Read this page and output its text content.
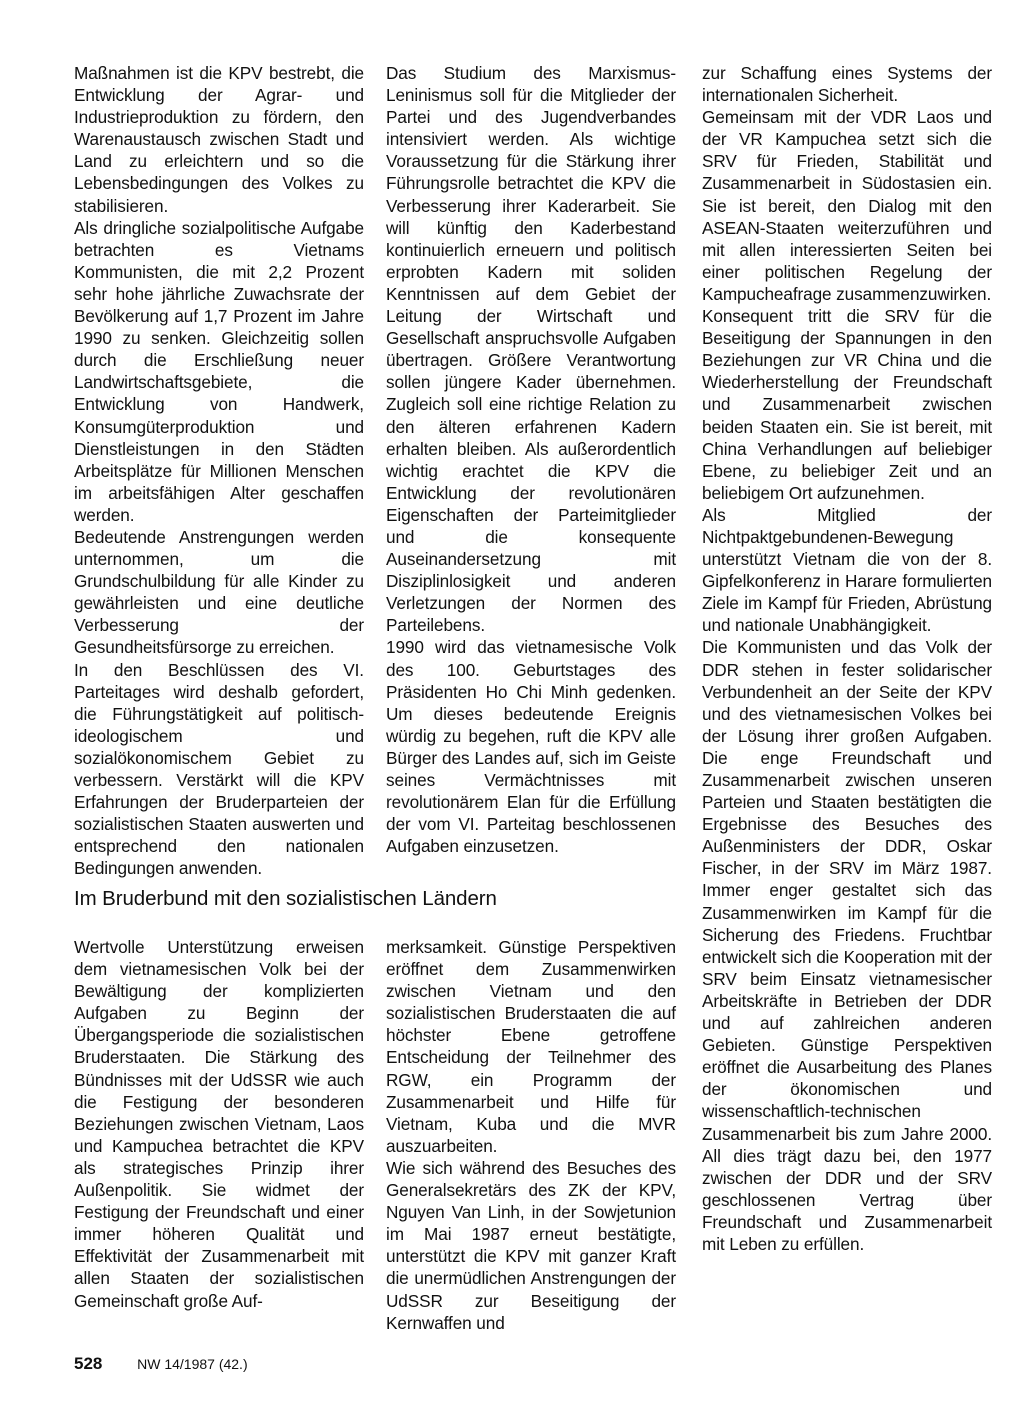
Maßnahmen ist die KPV bestrebt, die Entwicklung der Agrar- und Industrieproduktion zu fördern, den Warenaustausch zwischen Stadt und Land zu erleichtern und so die Lebensbedingungen des Volkes zu stabilisieren.

Als dringliche sozialpolitische Aufgabe betrachten es Vietnams Kommunisten, die mit 2,2 Prozent sehr hohe jährliche Zuwachsrate der Bevölkerung auf 1,7 Prozent im Jahre 1990 zu senken. Gleichzeitig sollen durch die Erschließung neuer Landwirtschaftsgebiete, die Entwicklung von Handwerk, Konsumgüterproduktion und Dienstleistungen in den Städten Arbeitsplätze für Millionen Menschen im arbeitsfähigen Alter geschaffen werden.

Bedeutende Anstrengungen werden unternommen, um die Grundschulbildung für alle Kinder zu gewährleisten und eine deutliche Verbesserung der Gesundheitsfürsorge zu erreichen.

In den Beschlüssen des VI. Parteitages wird deshalb gefordert, die Führungstätigkeit auf politisch-ideologischem und sozialökonomischem Gebiet zu verbessern. Verstärkt will die KPV Erfahrungen der Bruderparteien der sozialistischen Staaten auswerten und entsprechend den nationalen Bedingungen anwenden.

Das Studium des Marxismus-Leninismus soll für die Mitglieder der Partei und des Jugendverbandes intensiviert werden. Als wichtige Voraussetzung für die Stärkung ihrer Führungsrolle betrachtet die KPV die Verbesserung ihrer Kaderarbeit. Sie will künftig den Kaderbestand kontinuierlich erneuern und politisch erprobten Kadern mit soliden Kenntnissen auf dem Gebiet der Leitung der Wirtschaft und Gesellschaft anspruchsvolle Aufgaben übertragen. Größere Verantwortung sollen jüngere Kader übernehmen. Zugleich soll eine richtige Relation zu den älteren erfahrenen Kadern erhalten bleiben. Als außerordentlich wichtig erachtet die KPV die Entwicklung der revolutionären Eigenschaften der Parteimitglieder und die konsequente Auseinandersetzung mit Disziplinlosigkeit und anderen Verletzungen der Normen des Parteilebens.

1990 wird das vietnamesische Volk des 100. Geburtstages des Präsidenten Ho Chi Minh gedenken. Um dieses bedeutende Ereignis würdig zu begehen, ruft die KPV alle Bürger des Landes auf, sich im Geiste seines Vermächtnisses mit revolutionärem Elan für die Erfüllung der vom VI. Parteitag beschlossenen Aufgaben einzusetzen.

zur Schaffung eines Systems der internationalen Sicherheit.

Gemeinsam mit der VDR Laos und der VR Kampuchea setzt sich die SRV für Frieden, Stabilität und Zusammenarbeit in Südostasien ein. Sie ist bereit, den Dialog mit den ASEAN-Staaten weiterzuführen und mit allen interessierten Seiten bei einer politischen Regelung der Kampucheafrage zusammenzuwirken.

Konsequent tritt die SRV für die Beseitigung der Spannungen in den Beziehungen zur VR China und die Wiederherstellung der Freundschaft und Zusammenarbeit zwischen beiden Staaten ein. Sie ist bereit, mit China Verhandlungen auf beliebiger Ebene, zu beliebiger Zeit und an beliebigem Ort aufzunehmen.

Als Mitglied der Nichtpaktgebundenen-Bewegung unterstützt Vietnam die von der 8. Gipfelkonferenz in Harare formulierten Ziele im Kampf für Frieden, Abrüstung und nationale Unabhängigkeit.

Die Kommunisten und das Volk der DDR stehen in fester solidarischer Verbundenheit an der Seite der KPV und des vietnamesischen Volkes bei der Lösung ihrer großen Aufgaben. Die enge Freundschaft und Zusammenarbeit zwischen unseren Parteien und Staaten bestätigten die Ergebnisse des Besuches des Außenministers der DDR, Oskar Fischer, in der SRV im März 1987. Immer enger gestaltet sich das Zusammenwirken im Kampf für die Sicherung des Friedens. Fruchtbar entwickelt sich die Kooperation mit der SRV beim Einsatz vietnamesischer Arbeitskräfte in Betrieben der DDR und auf zahlreichen anderen Gebieten. Günstige Perspektiven eröffnet die Ausarbeitung des Planes der ökonomischen und wissenschaftlich-technischen Zusammenarbeit bis zum Jahre 2000. All dies trägt dazu bei, den 1977 zwischen der DDR und der SRV geschlossenen Vertrag über Freundschaft und Zusammenarbeit mit Leben zu erfüllen.

Im Bruderbund mit den sozialistischen Ländern

Wertvolle Unterstützung erweisen dem vietnamesischen Volk bei der Bewältigung der komplizierten Aufgaben zu Beginn der Übergangsperiode die sozialistischen Bruderstaaten. Die Stärkung des Bündnisses mit der UdSSR wie auch die Festigung der besonderen Beziehungen zwischen Vietnam, Laos und Kampuchea betrachtet die KPV als strategisches Prinzip ihrer Außenpolitik. Sie widmet der Festigung der Freundschaft und einer immer höheren Qualität und Effektivität der Zusammenarbeit mit allen Staaten der sozialistischen Gemeinschaft große Auf-

merksamkeit. Günstige Perspektiven eröffnet dem Zusammenwirken zwischen Vietnam und den sozialistischen Bruderstaaten die auf höchster Ebene getroffene Entscheidung der Teilnehmer des RGW, ein Programm der Zusammenarbeit und Hilfe für Vietnam, Kuba und die MVR auszuarbeiten.

Wie sich während des Besuches des Generalsekretärs des ZK der KPV, Nguyen Van Linh, in der Sowjetunion im Mai 1987 erneut bestätigte, unterstützt die KPV mit ganzer Kraft die unermüdlichen Anstrengungen der UdSSR zur Beseitigung der Kernwaffen und

528 NW 14/1987 (42.)
